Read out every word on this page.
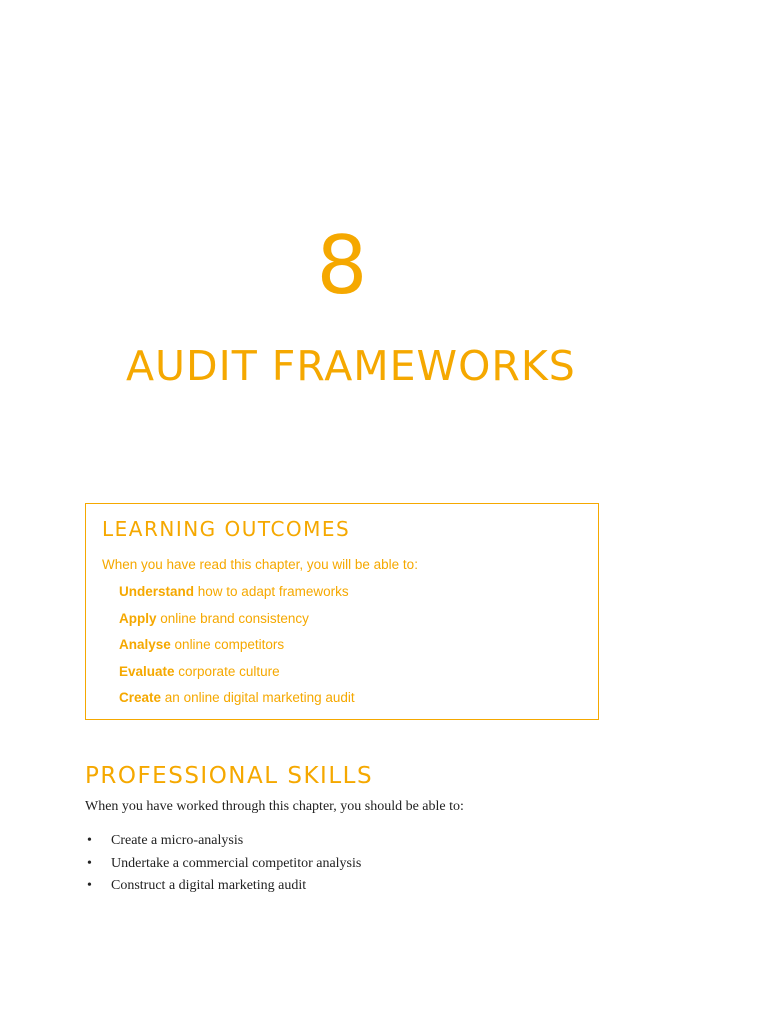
8
AUDIT FRAMEWORKS
LEARNING OUTCOMES
When you have read this chapter, you will be able to:
Understand how to adapt frameworks
Apply online brand consistency
Analyse online competitors
Evaluate corporate culture
Create an online digital marketing audit
PROFESSIONAL SKILLS
When you have worked through this chapter, you should be able to:
• Create a micro-analysis
• Undertake a commercial competitor analysis
• Construct a digital marketing audit
